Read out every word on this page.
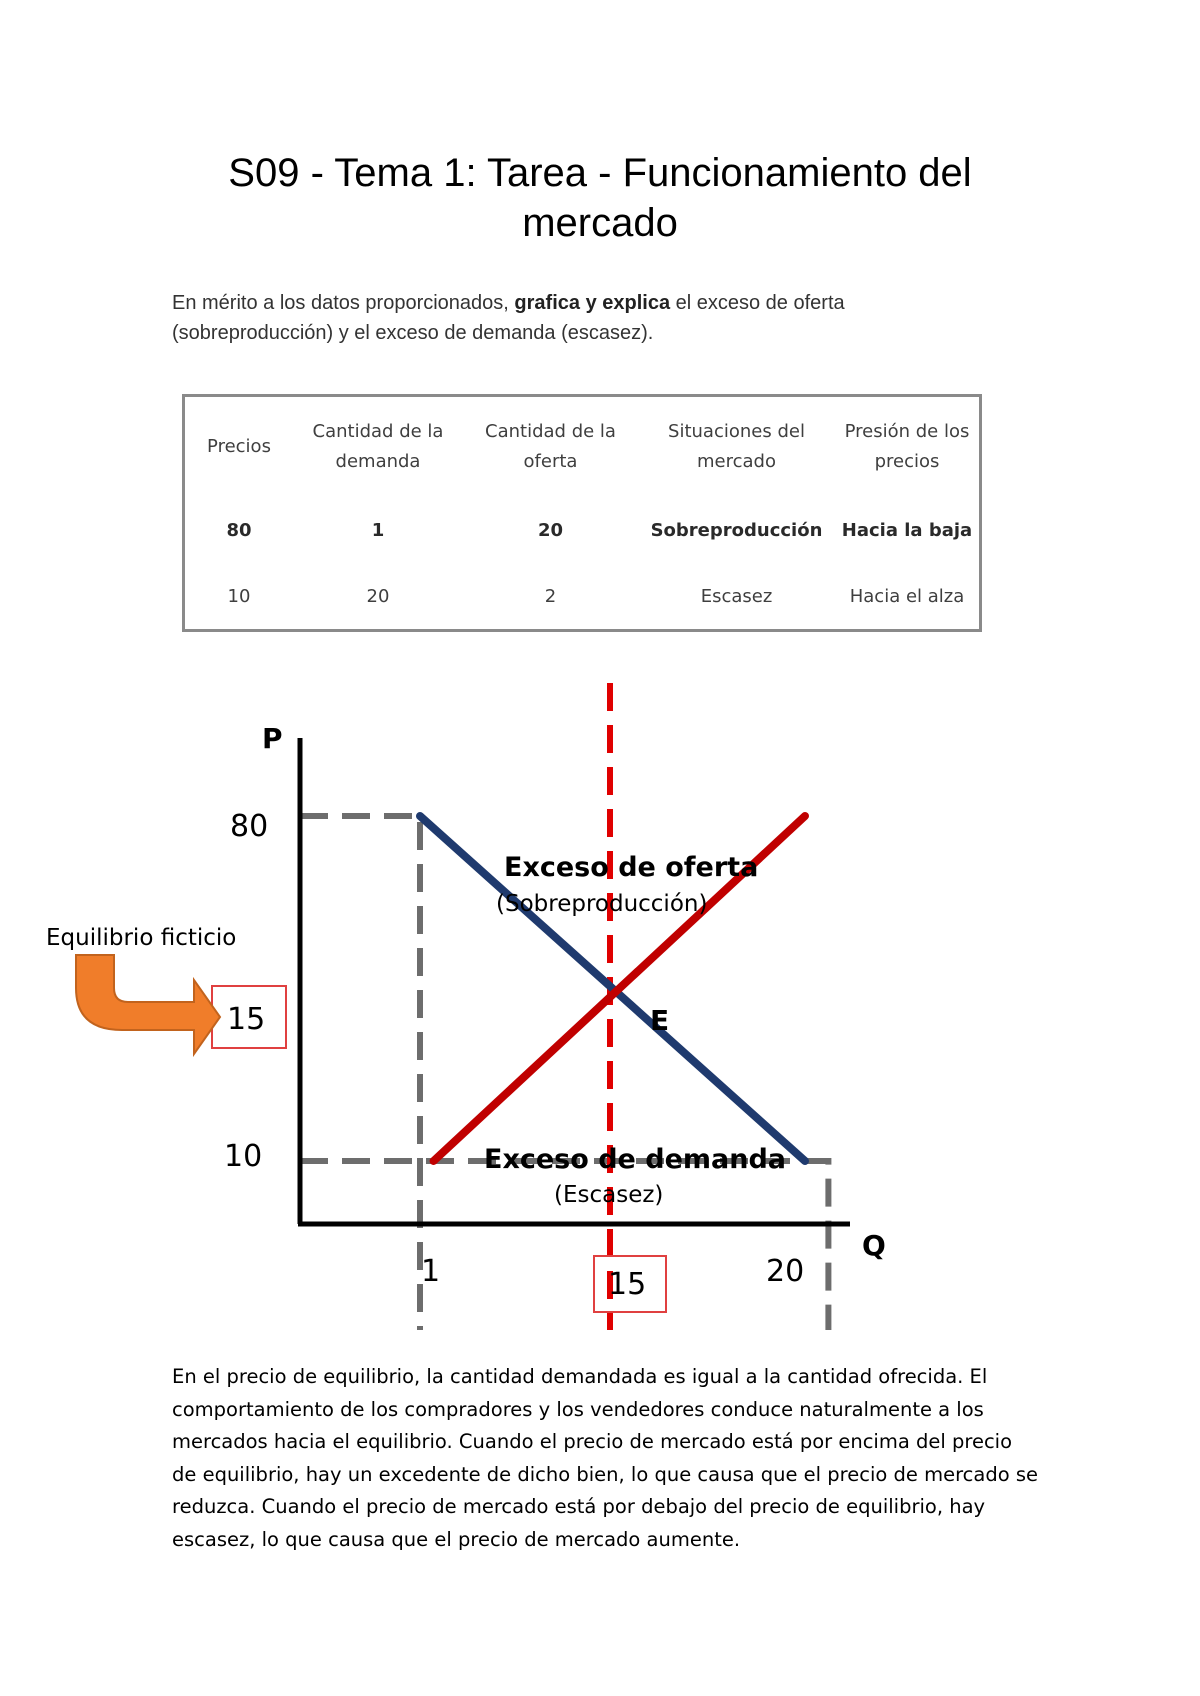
S09 - Tema 1: Tarea - Funcionamiento del
mercado
En mérito a los datos proporcionados, grafica y explica el exceso de oferta (sobreproducción) y el exceso de demanda (escasez).
Precios	Cantidad de la demanda	Cantidad de la oferta	Situaciones del mercado	Presión de los precios
80	1	20	Sobreproducción	Hacia la baja
10	20	2	Escasez	Hacia el alza
E
P
Q
80
15
10
1	15	20
Exceso de oferta
(Sobreproducción)
Exceso de demanda
(Escasez)
Equilibrio ficticio
En el precio de equilibrio, la cantidad demandada es igual a la cantidad ofrecida. El comportamiento de los compradores y los vendedores conduce naturalmente a los mercados hacia el equilibrio. Cuando el precio de mercado está por encima del precio de equilibrio, hay un excedente de dicho bien, lo que causa que el precio de mercado se reduzca. Cuando el precio de mercado está por debajo del precio de equilibrio, hay escasez, lo que causa que el precio de mercado aumente.
